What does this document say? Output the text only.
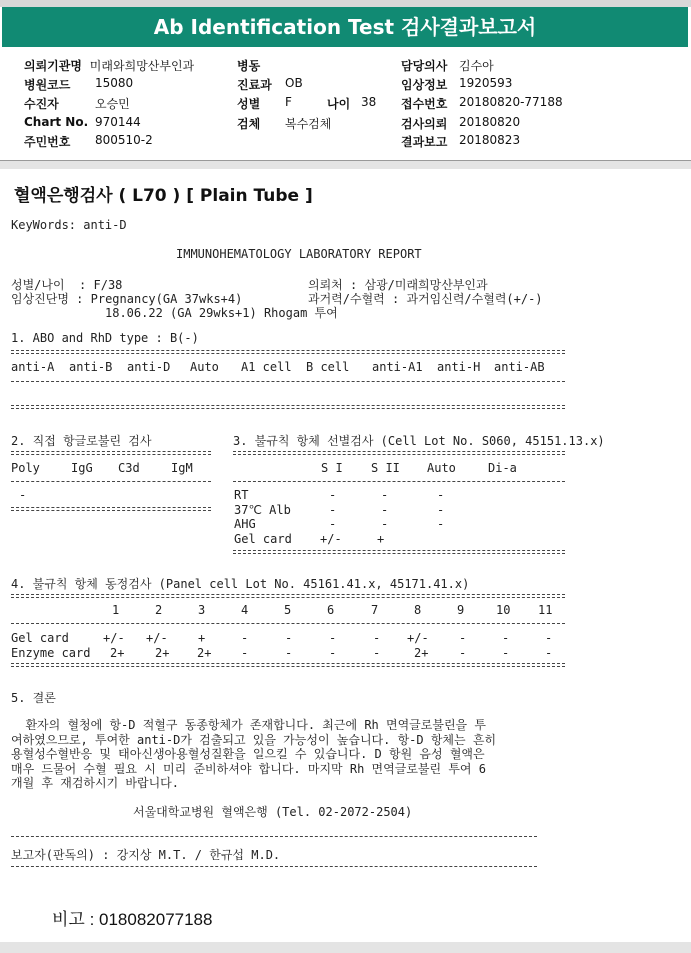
Ab Identification Test 검사결과보고서
의뢰기관명 미래와희망산부인과
병원코드 15080
수진자	오승민
Chart No. 970144
주민번호 800510-2
병동
진료과 OB
성별 F	나이 38
검체 복수검체
담당의사 김수아
임상정보 1920593
접수번호 20180820-77188
검사의뢰 20180820
결과보고 20180823
혈액은행검사 ( L70 ) [ Plain Tube ]
KeyWords: anti-D
IMMUNOHEMATOLOGY LABORATORY REPORT
성별/나이  : F/38	의뢰처 : 삼광/미래희망산부인과
임상진단명 : Pregnancy(GA 37wks+4)	과거력/수혈력 : 과거임신력/수혈력(+/-)
18.06.22 (GA 29wks+1) Rhogam 투여
1. ABO and RhD type : B(-)
anti-A anti-B anti-D Auto A1 cell B cell anti-A1 anti-H anti-AB
2. 직접 항글로불린 검사
Poly	IgG C3d	IgM
-
3. 불규칙 항체 선별검사 (Cell Lot No. S060, 45151.13.x)
S I S II Auto	Di-a
RT	-	-	-
37℃ Alb	-	-	-
AHG	-	-	-
Gel card +/-	+
4. 불규칙 항체 동정검사 (Panel cell Lot No. 45161.41.x, 45171.41.x)
1	2	3	4	5	6	7	8	9	10 11
Gel card	+/- +/-	+	-	-	-	- +/-	-	-	-
Enzyme card 2+	2+ 2+ -	-	-	-	2+	-	-	-
5. 결론
환자의 혈청에 항-D 적혈구 동종항체가 존재합니다. 최근에 Rh 면역글로불린을 투
여하였으므로, 투여한 anti-D가 검출되고 있을 가능성이 높습니다. 항-D 항체는 흔히
용혈성수혈반응 및 태아신생아용혈성질환을 일으킬 수 있습니다. D 항원 음성 혈액은
매우 드물어 수혈 필요 시 미리 준비하셔야 합니다. 마지막 Rh 면역글로불린 투여 6
개월 후 재검하시기 바랍니다.
서울대학교병원 혈액은행 (Tel. 02-2072-2504)
보고자(판독의) : 강지상 M.T. / 한규섭 M.D.
비고 : 018082077188
